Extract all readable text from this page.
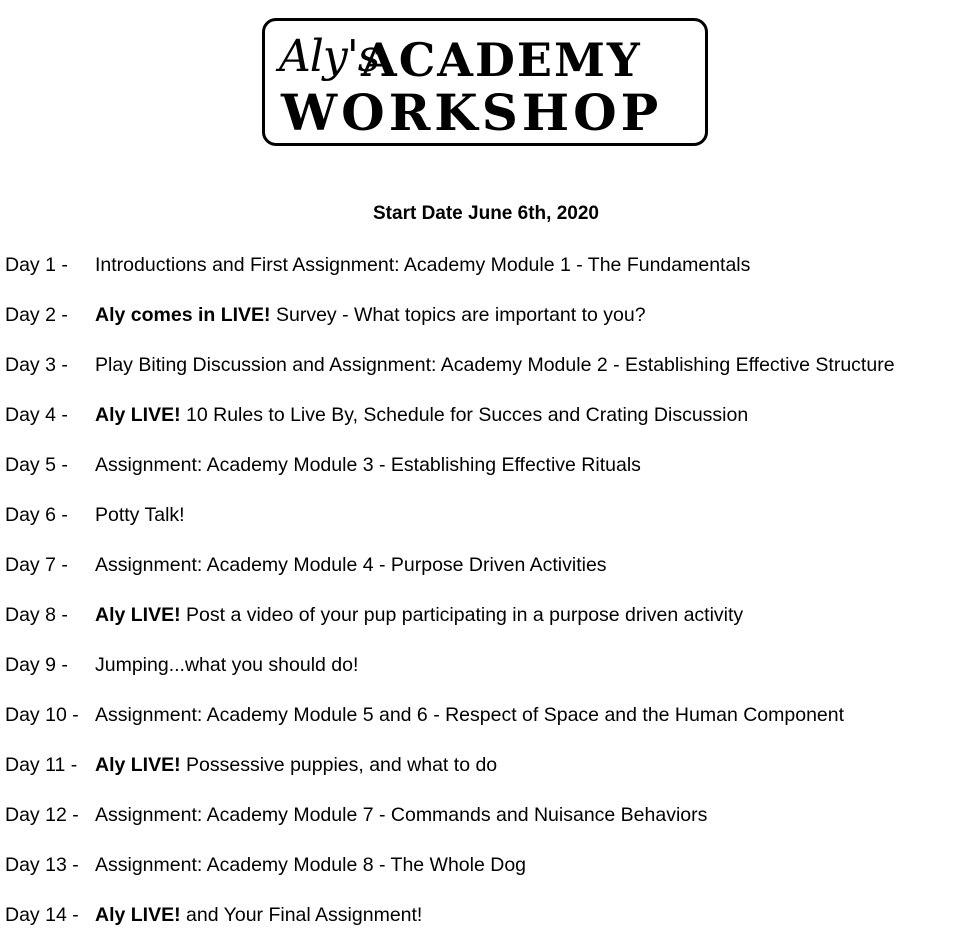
Aly's
ACADEMY
WORKSHOP
Start Date June 6th, 2020
Day 1 - Introductions and First Assignment: Academy Module 1 - The Fundamentals
Day 2 - Aly comes in LIVE! Survey - What topics are important to you?
Day 3 - Play Biting Discussion and Assignment: Academy Module 2 - Establishing Effective Structure
Day 4 - Aly LIVE! 10 Rules to Live By, Schedule for Succes and Crating Discussion
Day 5 - Assignment: Academy Module 3 - Establishing Effective Rituals
Day 6 - Potty Talk!
Day 7 - Assignment: Academy Module 4 - Purpose Driven Activities
Day 8 - Aly LIVE! Post a video of your pup participating in a purpose driven activity
Day 9 - Jumping...what you should do!
Day 10 - Assignment: Academy Module 5 and 6 - Respect of Space and the Human Component
Day 11 - Aly LIVE! Possessive puppies, and what to do
Day 12 - Assignment: Academy Module 7 - Commands and Nuisance Behaviors
Day 13 - Assignment: Academy Module 8 - The Whole Dog
Day 14 - Aly LIVE! and Your Final Assignment!
